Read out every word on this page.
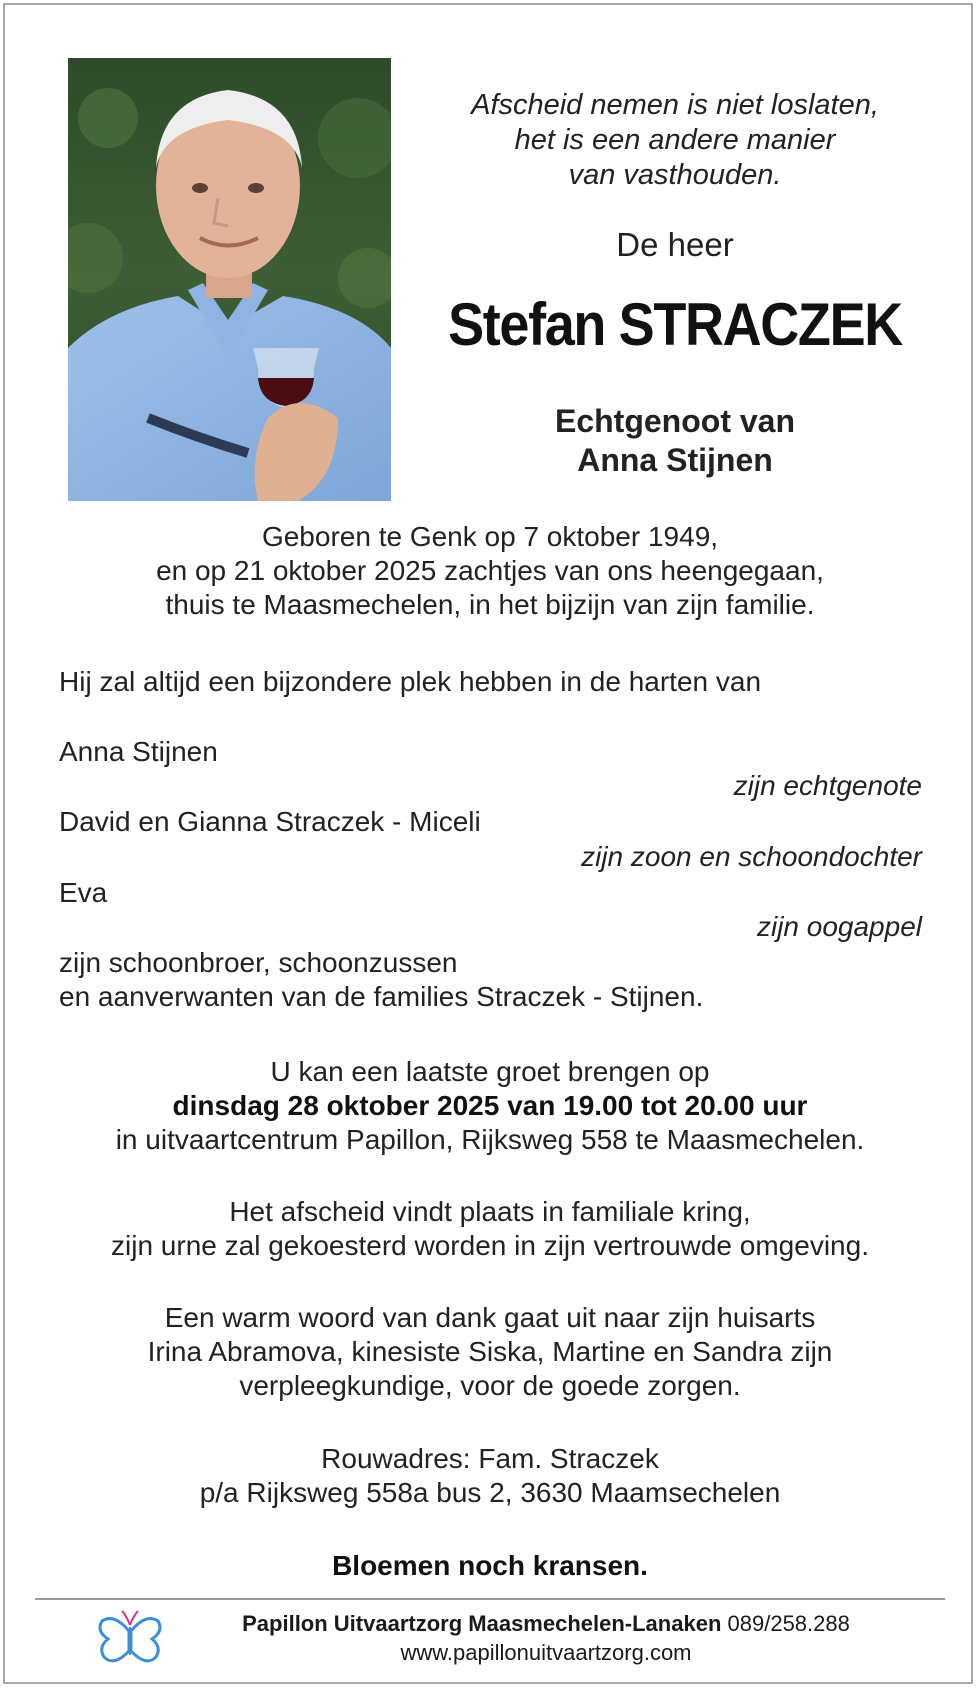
Afscheid nemen is niet loslaten,
het is een andere manier
van vasthouden.
De heer
Stefan STRACZEK
Echtgenoot van
Anna Stijnen
Geboren te Genk op 7 oktober 1949,
en op 21 oktober 2025 zachtjes van ons heengegaan,
thuis te Maasmechelen, in het bijzijn van zijn familie.
Hij zal altijd een bijzondere plek hebben in de harten van
Anna Stijnen
zijn echtgenote
David en Gianna Straczek - Miceli
zijn zoon en schoondochter
Eva
zijn oogappel
zijn schoonbroer, schoonzussen
en aanverwanten van de families Straczek - Stijnen.
U kan een laatste groet brengen op
dinsdag 28 oktober 2025 van 19.00 tot 20.00 uur
in uitvaartcentrum Papillon, Rijksweg 558 te Maasmechelen.
Het afscheid vindt plaats in familiale kring,
zijn urne zal gekoesterd worden in zijn vertrouwde omgeving.
Een warm woord van dank gaat uit naar zijn huisarts
Irina Abramova, kinesiste Siska, Martine en Sandra zijn
verpleegkundige, voor de goede zorgen.
Rouwadres: Fam. Straczek
p/a Rijksweg 558a bus 2, 3630 Maamsechelen
Bloemen noch kransen.
Papillon Uitvaartzorg Maasmechelen-Lanaken 089/258.288
www.papillonuitvaartzorg.com
